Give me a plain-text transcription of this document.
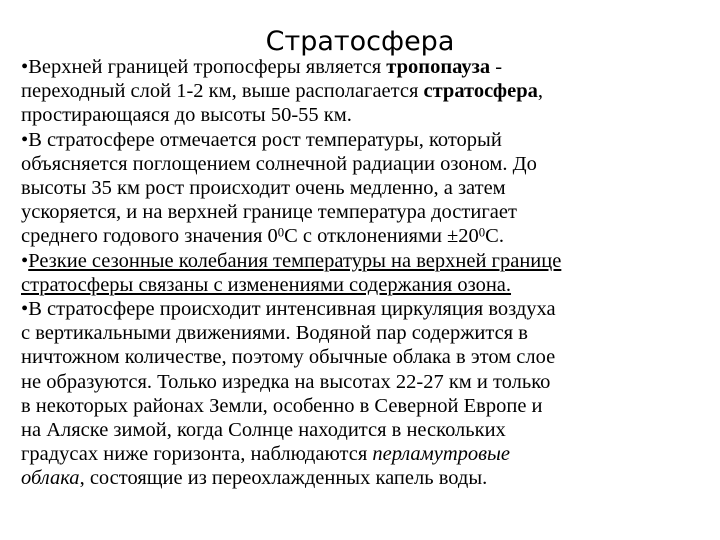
Стратосфера

•Верхней границей тропосферы является тропопауза -

переходный слой 1-2 км, выше располагается стратосфера,

простирающаяся до высоты 50-55 км.

•В стратосфере отмечается рост температуры, который

объясняется поглощением солнечной радиации озоном. До

высоты 35 км рост происходит очень медленно, а затем

ускоряется, и на верхней границе температура достигает

среднего годового значения $0^0С$ с отклонениями $\pm 20^0С$.

•Резкие сезонные колебания температуры на верхней границе

стратосферы связаны с изменениями содержания озона.

•В стратосфере происходит интенсивная циркуляция воздуха

с вертикальными движениями. Водяной пар содержится в

ничтожном количестве, поэтому обычные облака в этом слое

не образуются. Только изредка на высотах 22-27 км и только

в некоторых районах Земли, особенно в Северной Европе и

на Аляске зимой, когда Солнце находится в нескольких

градусах ниже горизонта, наблюдаются перламутровые

облака, состоящие из переохлажденных капель воды.
